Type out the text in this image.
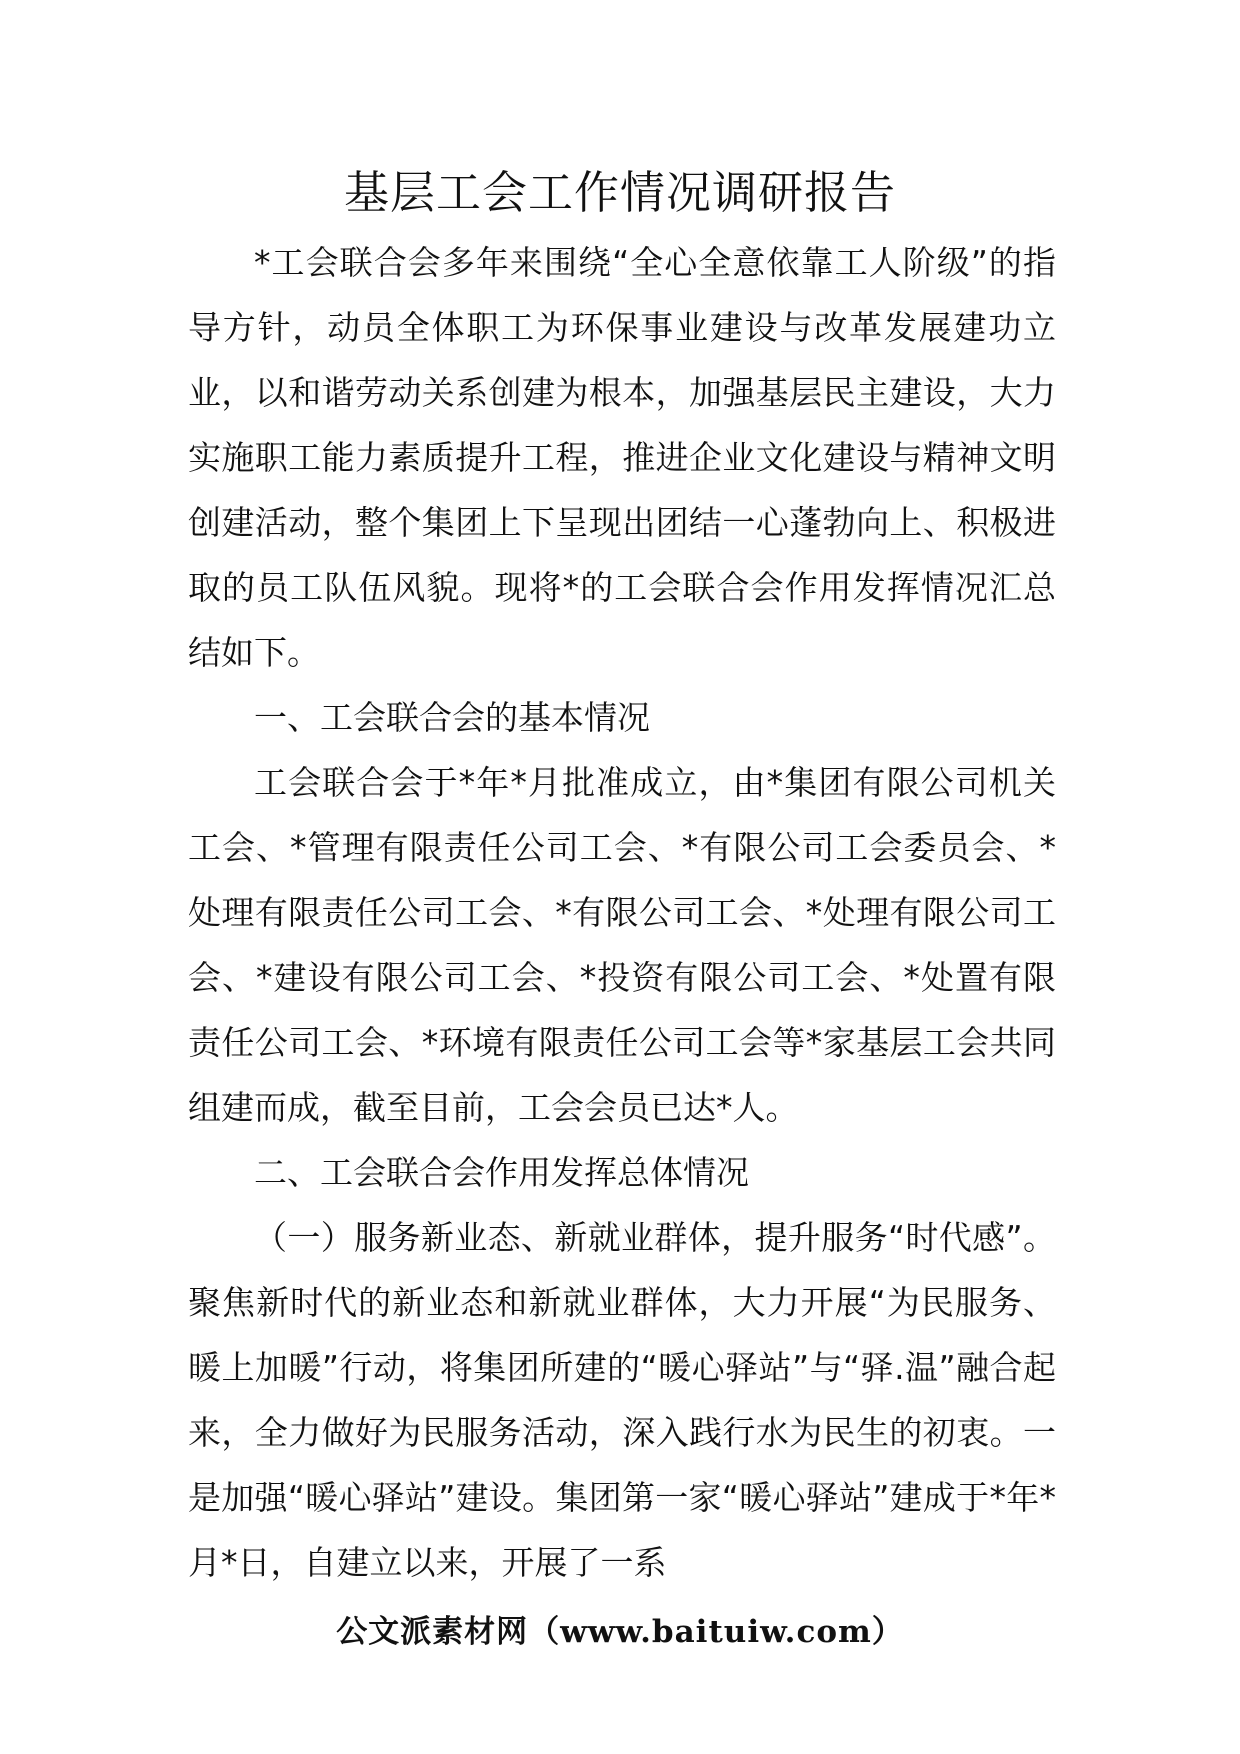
基层工会工作情况调研报告

*工会联合会多年来围绕“全心全意依靠工人阶级”的指导方针，动员全体职工为环保事业建设与改革发展建功立业，以和谐劳动关系创建为根本，加强基层民主建设，大力实施职工能力素质提升工程，推进企业文化建设与精神文明创建活动，整个集团上下呈现出团结一心蓬勃向上、积极进取的员工队伍风貌。现将*的工会联合会作用发挥情况汇总结如下。

一、工会联合会的基本情况

工会联合会于*年*月批准成立，由*集团有限公司机关工会、*管理有限责任公司工会、*有限公司工会委员会、*处理有限责任公司工会、*有限公司工会、*处理有限公司工会、*建设有限公司工会、*投资有限公司工会、*处置有限责任公司工会、*环境有限责任公司工会等*家基层工会共同组建而成，截至目前，工会会员已达*人。

二、工会联合会作用发挥总体情况

（一）服务新业态、新就业群体，提升服务“时代感”。聚焦新时代的新业态和新就业群体，大力开展“为民服务、暖上加暖”行动，将集团所建的“暖心驿站”与“驿.温”融合起来，全力做好为民服务活动，深入践行水为民生的初衷。一是加强“暖心驿站”建设。集团第一家“暖心驿站”建成于*年*月*日，自建立以来，开展了一系

公文派素材网（www.baituiw.com）
